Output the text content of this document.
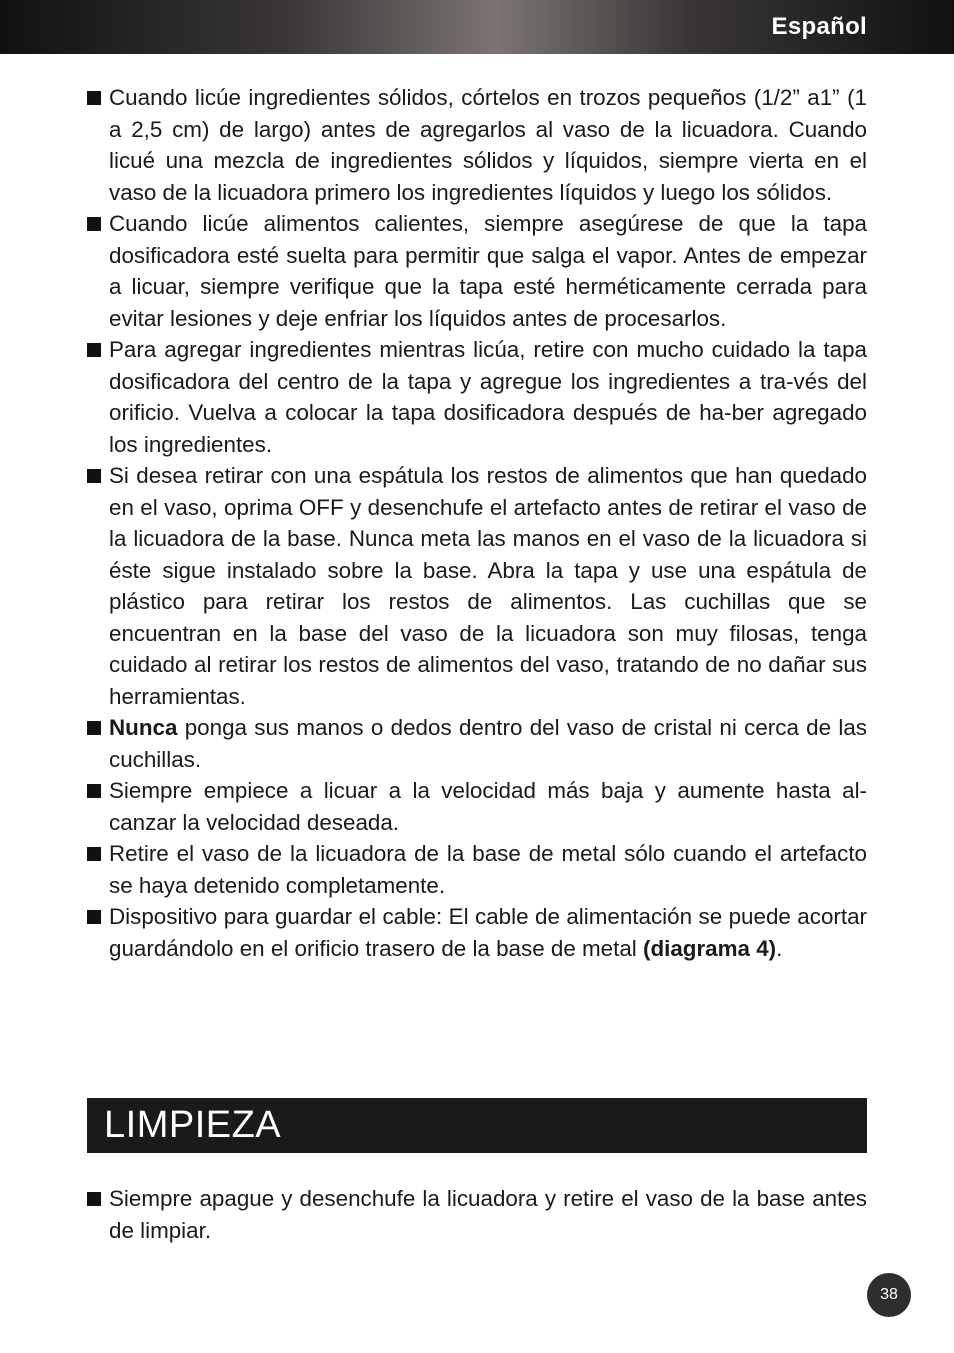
Español

Cuando licúe ingredientes sólidos, córtelos en trozos pequeños (1/2” a1” (1 a 2,5 cm) de largo) antes de agregarlos al vaso de la licuadora. Cuando licué una mezcla de ingredientes sólidos y líquidos, siempre vierta en el vaso de la licuadora primero los ingredientes líquidos y luego los sólidos.

Cuando licúe alimentos calientes, siempre asegúrese de que la tapa dosificadora esté suelta para permitir que salga el vapor. Antes de empezar a licuar, siempre verifique que la tapa esté herméticamente cerrada para evitar lesiones y deje enfriar los líquidos antes de procesarlos.

Para agregar ingredientes mientras licúa, retire con mucho cuidado la tapa dosificadora del centro de la tapa y agregue los ingredientes a tra-vés del orificio. Vuelva a colocar la tapa dosificadora después de ha-ber agregado los ingredientes.

Si desea retirar con una espátula los restos de alimentos que han quedado en el vaso, oprima OFF y desenchufe el artefacto antes de retirar el vaso de la licuadora de la base. Nunca meta las manos en el vaso de la licuadora si éste sigue instalado sobre la base. Abra la tapa y use una espátula de plástico para retirar los restos de alimentos. Las cuchillas que se encuentran en la base del vaso de la licuadora son muy filosas, tenga cuidado al retirar los restos de alimentos del vaso, tratando de no dañar sus herramientas.

Nunca ponga sus manos o dedos dentro del vaso de cristal ni cerca de las cuchillas.

Siempre empiece a licuar a la velocidad más baja y aumente hasta al-canzar la velocidad deseada.

Retire el vaso de la licuadora de la base de metal sólo cuando el artefacto se haya detenido completamente.

Dispositivo para guardar el cable: El cable de alimentación se puede acortar guardándolo en el orificio trasero de la base de metal (diagrama 4).

LIMPIEZA

Siempre apague y desenchufe la licuadora y retire el vaso de la base antes de limpiar.

38
